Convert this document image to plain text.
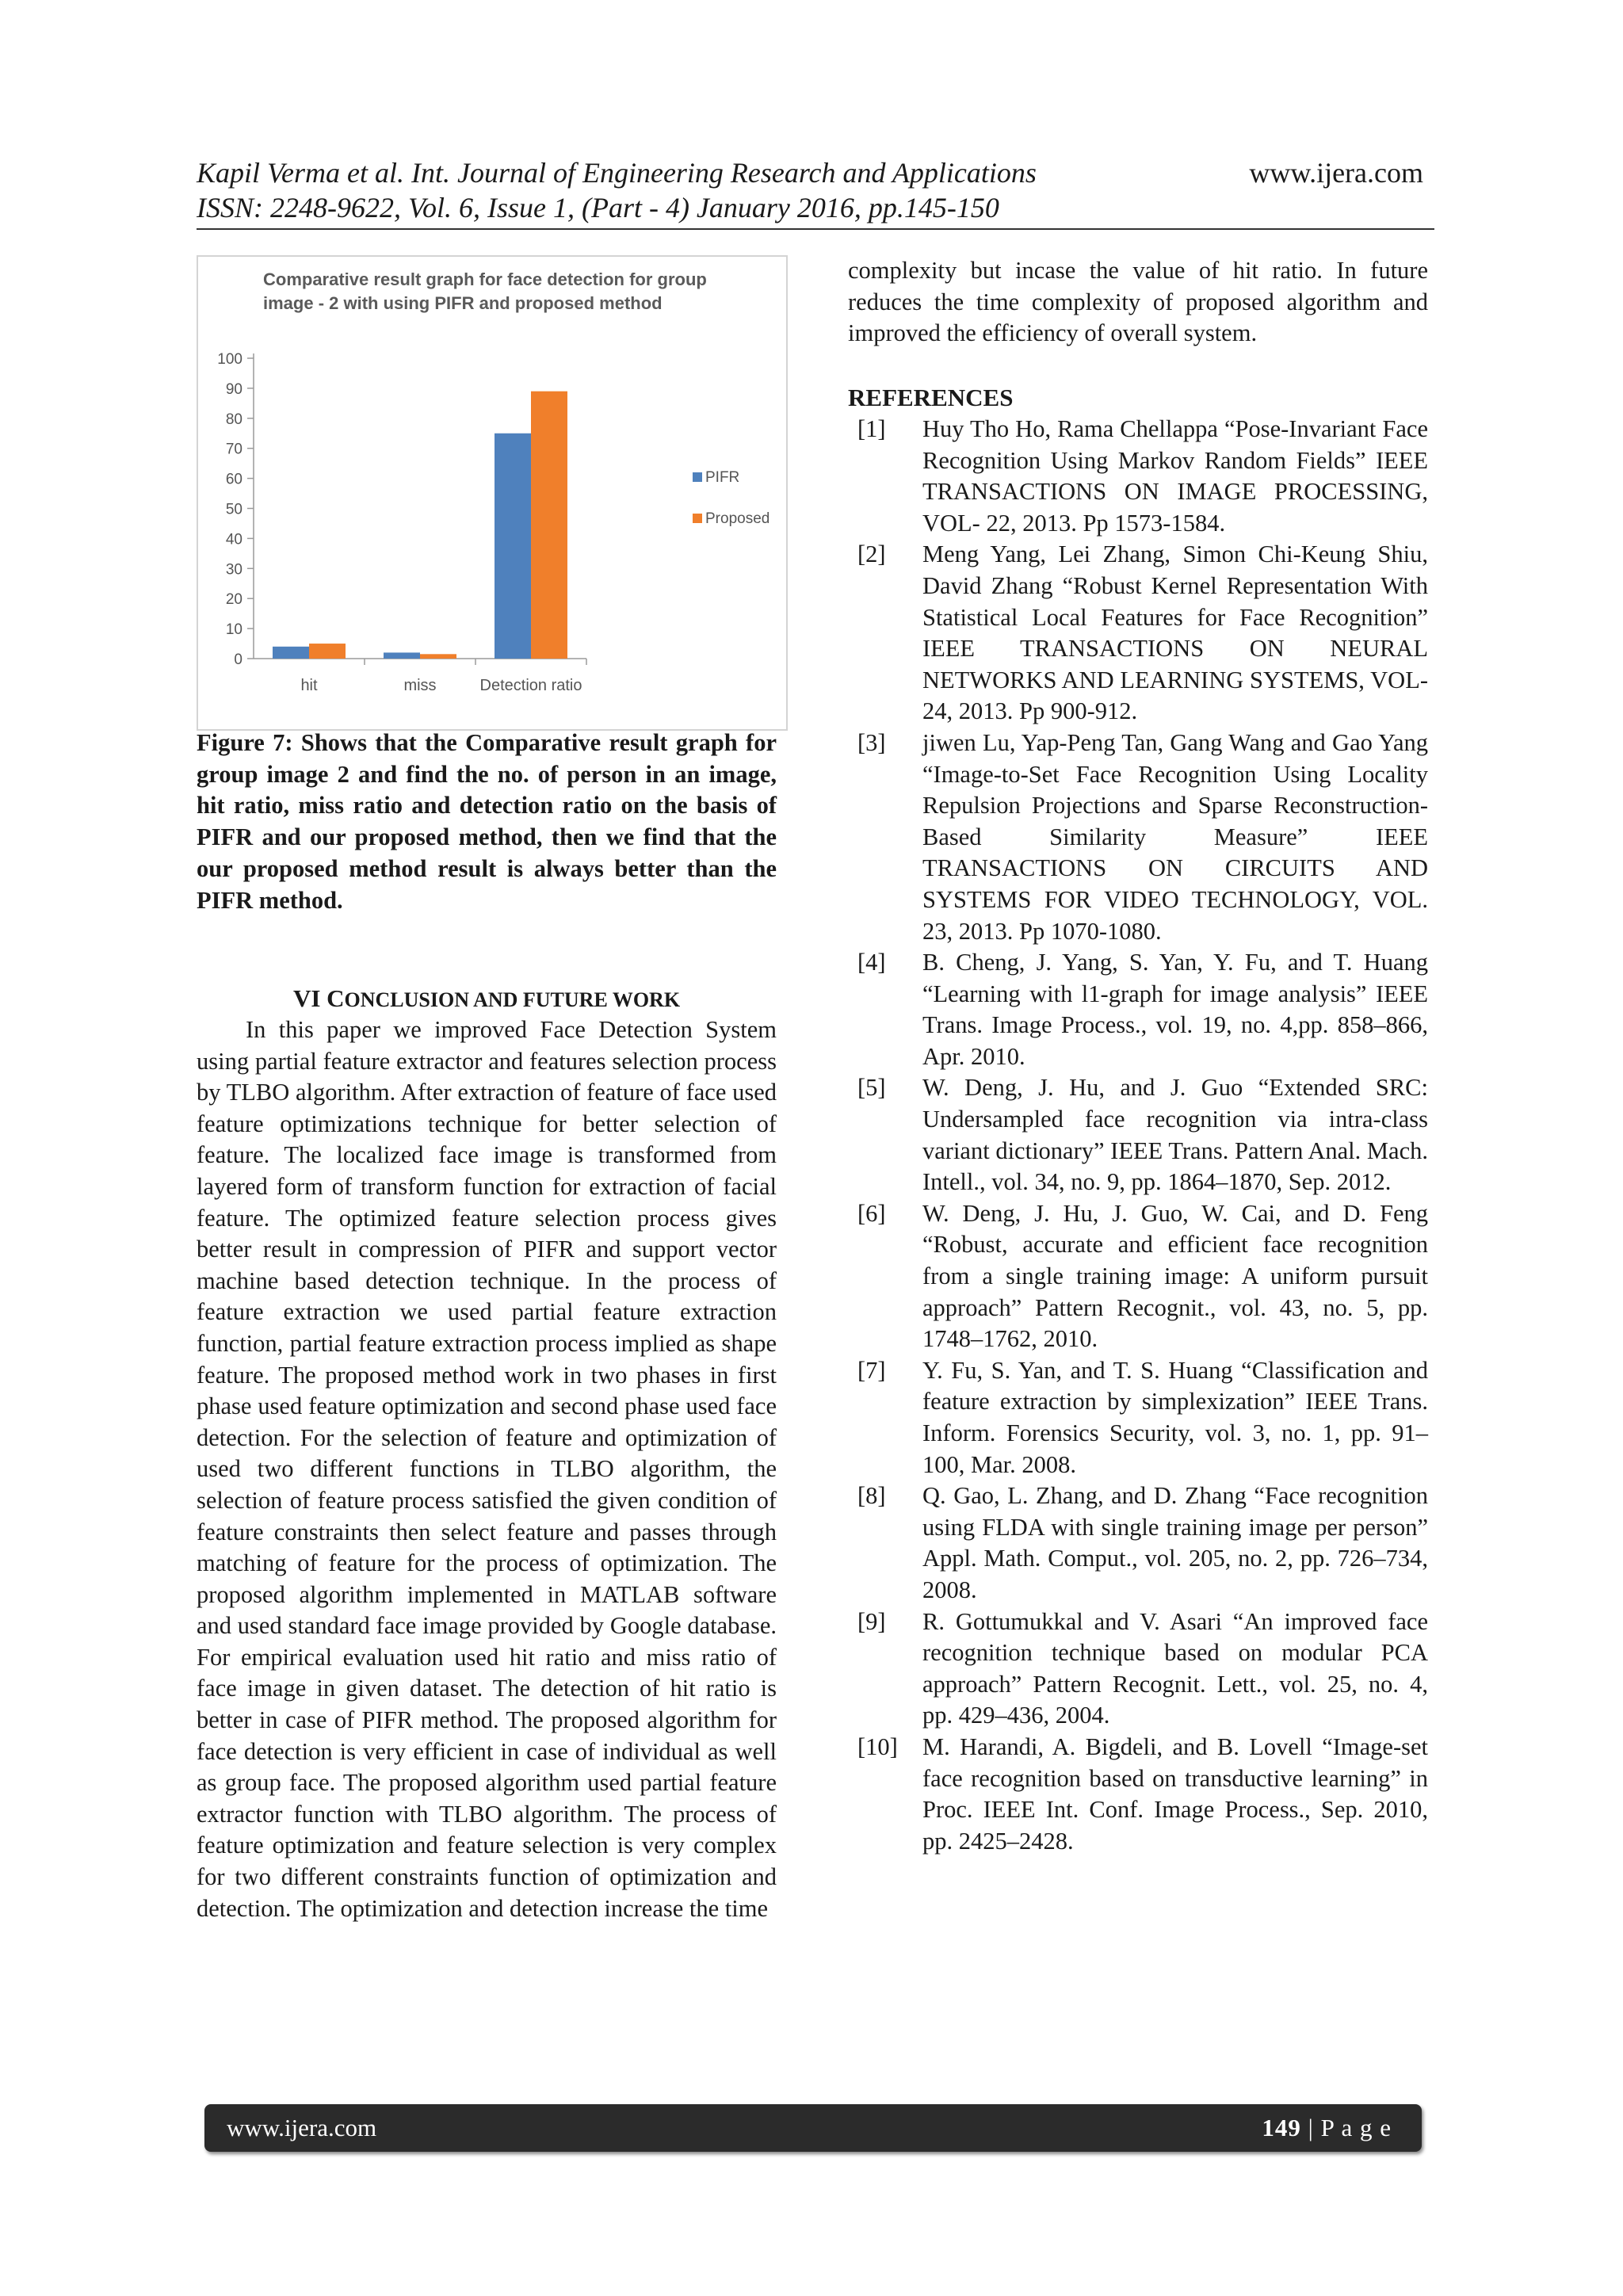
Kapil Verma et al. Int. Journal of Engineering Research and Applications
ISSN: 2248-9622, Vol. 6, Issue 1, (Part - 4) January 2016, pp.145-150
www.ijera.com
Comparative result graph for face detection for group
image - 2 with using PIFR and proposed method
0
10
20
30
40
50
60
70
80
90
100
hit	miss	Detection ratio
PIFR
Proposed
Figure 7: Shows that the Comparative result graph for group image 2 and find the no. of person in an image, hit ratio, miss ratio and detection ratio on the basis of PIFR and our proposed method, then we find that the our proposed method result is always better than the PIFR method.
VI CONCLUSION AND FUTURE WORK

In this paper we improved Face Detection System using partial feature extractor and features selection process by TLBO algorithm. After extraction of feature of face used feature optimizations technique for better selection of feature. The localized face image is transformed from layered form of transform function for extraction of facial feature. The optimized feature selection process gives better result in compression of PIFR and support vector machine based detection technique. In the process of feature extraction we used partial feature extraction function, partial feature extraction process implied as shape feature. The proposed method work in two phases in first phase used feature optimization and second phase used face detection. For the selection of feature and optimization of used two different functions in TLBO algorithm, the selection of feature process satisfied the given condition of feature constraints then select feature and passes through matching of feature for the process of optimization. The proposed algorithm implemented in MATLAB software and used standard face image provided by Google database. For empirical evaluation used hit ratio and miss ratio of face image in given dataset. The detection of hit ratio is better in case of PIFR method. The proposed algorithm for face detection is very efficient in case of individual as well as group face. The proposed algorithm used partial feature extractor function with TLBO algorithm. The process of feature optimization and feature selection is very complex for two different constraints function of optimization and detection. The optimization and detection increase the time

complexity but incase the value of hit ratio. In future reduces the time complexity of proposed algorithm and improved the efficiency of overall system.

REFERENCES
[1] Huy Tho Ho, Rama Chellappa “Pose-Invariant Face Recognition Using Markov Random Fields” IEEE TRANSACTIONS ON IMAGE PROCESSING, VOL- 22, 2013. Pp 1573-1584.
[2] Meng Yang, Lei Zhang, Simon Chi-Keung Shiu, David Zhang “Robust Kernel Representation With Statistical Local Features for Face Recognition” IEEE TRANSACTIONS ON NEURAL NETWORKS AND LEARNING SYSTEMS, VOL-24, 2013. Pp 900-912.
[3] jiwen Lu, Yap-Peng Tan, Gang Wang and Gao Yang “Image-to-Set Face Recognition Using Locality Repulsion Projections and Sparse Reconstruction-Based Similarity Measure” IEEE TRANSACTIONS ON CIRCUITS AND SYSTEMS FOR VIDEO TECHNOLOGY, VOL. 23, 2013. Pp 1070-1080.
[4] B. Cheng, J. Yang, S. Yan, Y. Fu, and T. Huang “Learning with l1-graph for image analysis” IEEE Trans. Image Process., vol. 19, no. 4,pp. 858–866, Apr. 2010.
[5] W. Deng, J. Hu, and J. Guo “Extended SRC: Undersampled face recognition via intra-class variant dictionary” IEEE Trans. Pattern Anal. Mach. Intell., vol. 34, no. 9, pp. 1864–1870, Sep. 2012.
[6] W. Deng, J. Hu, J. Guo, W. Cai, and D. Feng “Robust, accurate and efficient face recognition from a single training image: A uniform pursuit approach” Pattern Recognit., vol. 43, no. 5, pp. 1748–1762, 2010.
[7] Y. Fu, S. Yan, and T. S. Huang “Classification and feature extraction by simplexization” IEEE Trans. Inform. Forensics Security, vol. 3, no. 1, pp. 91–100, Mar. 2008.
[8] Q. Gao, L. Zhang, and D. Zhang “Face recognition using FLDA with single training image per person” Appl. Math. Comput., vol. 205, no. 2, pp. 726–734, 2008.
[9] R. Gottumukkal and V. Asari “An improved face recognition technique based on modular PCA approach” Pattern Recognit. Lett., vol. 25, no. 4, pp. 429–436, 2004.
[10] M. Harandi, A. Bigdeli, and B. Lovell “Image-set face recognition based on transductive learning” in Proc. IEEE Int. Conf. Image Process., Sep. 2010, pp. 2425–2428.
www.ijera.com	149 | P a g e
